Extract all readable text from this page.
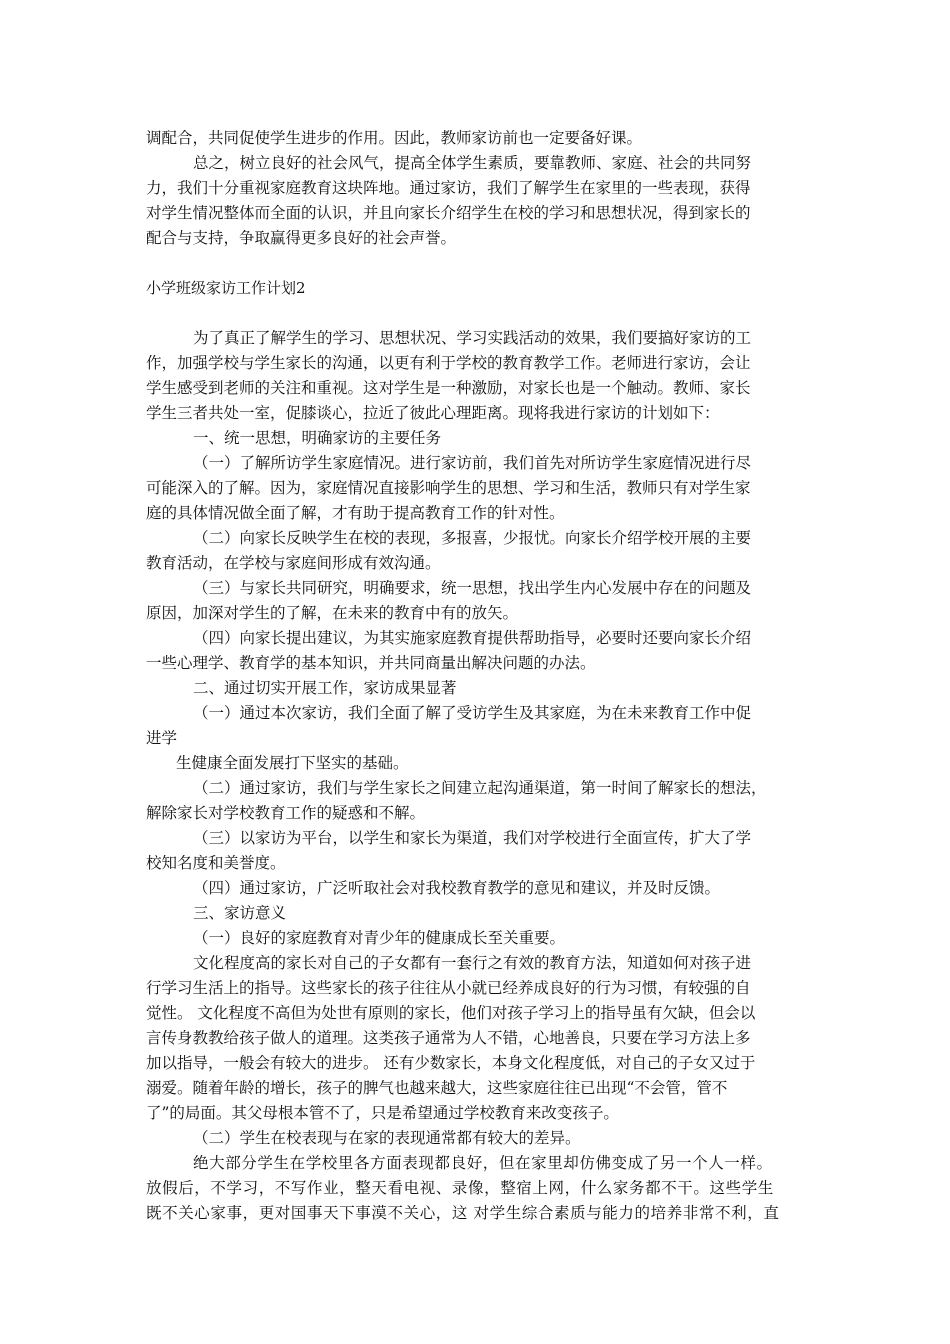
调配合，共同促使学生进步的作用。因此，教师家访前也一定要备好课。
总之，树立良好的社会风气，提高全体学生素质，要靠教师、家庭、社会的共同努
力，我们十分重视家庭教育这块阵地。通过家访，我们了解学生在家里的一些表现，获得
对学生情况整体而全面的认识，并且向家长介绍学生在校的学习和思想状况，得到家长的
配合与支持，争取赢得更多良好的社会声誉。
小学班级家访工作计划2
为了真正了解学生的学习、思想状况、学习实践活动的效果，我们要搞好家访的工
作，加强学校与学生家长的沟通，以更有利于学校的教育教学工作。老师进行家访，会让
学生感受到老师的关注和重视。这对学生是一种激励，对家长也是一个触动。教师、家长
学生三者共处一室，促膝谈心，拉近了彼此心理距离。现将我进行家访的计划如下：
一、统一思想，明确家访的主要任务
（一）了解所访学生家庭情况。进行家访前，我们首先对所访学生家庭情况进行尽
可能深入的了解。因为，家庭情况直接影响学生的思想、学习和生活，教师只有对学生家
庭的具体情况做全面了解，才有助于提高教育工作的针对性。
（二）向家长反映学生在校的表现，多报喜，少报忧。向家长介绍学校开展的主要
教育活动，在学校与家庭间形成有效沟通。
（三）与家长共同研究，明确要求，统一思想，找出学生内心发展中存在的问题及
原因，加深对学生的了解，在未来的教育中有的放矢。
（四）向家长提出建议，为其实施家庭教育提供帮助指导，必要时还要向家长介绍
一些心理学、教育学的基本知识，并共同商量出解决问题的办法。
二、通过切实开展工作，家访成果显著
（一）通过本次家访，我们全面了解了受访学生及其家庭，为在未来教育工作中促
进学
生健康全面发展打下坚实的基础。
（二）通过家访，我们与学生家长之间建立起沟通渠道，第一时间了解家长的想法，
解除家长对学校教育工作的疑惑和不解。
（三）以家访为平台，以学生和家长为渠道，我们对学校进行全面宣传，扩大了学
校知名度和美誉度。
（四）通过家访，广泛听取社会对我校教育教学的意见和建议，并及时反馈。
三、家访意义
（一）良好的家庭教育对青少年的健康成长至关重要。
文化程度高的家长对自己的子女都有一套行之有效的教育方法，知道如何对孩子进
行学习生活上的指导。这些家长的孩子往往从小就已经养成良好的行为习惯，有较强的自
觉性。 文化程度不高但为处世有原则的家长，他们对孩子学习上的指导虽有欠缺，但会以
言传身教教给孩子做人的道理。这类孩子通常为人不错，心地善良，只要在学习方法上多
加以指导，一般会有较大的进步。 还有少数家长，本身文化程度低，对自己的子女又过于
溺爱。随着年龄的增长，孩子的脾气也越来越大，这些家庭往往已出现“不会管，管不
了”的局面。其父母根本管不了，只是希望通过学校教育来改变孩子。
（二）学生在校表现与在家的表现通常都有较大的差异。
绝大部分学生在学校里各方面表现都良好，但在家里却仿佛变成了另一个人一样。
放假后，不学习，不写作业，整天看电视、录像，整宿上网，什么家务都不干。这些学生
既不关心家事，更对国事天下事漠不关心，这 对学生综合素质与能力的培养非常不利，直
